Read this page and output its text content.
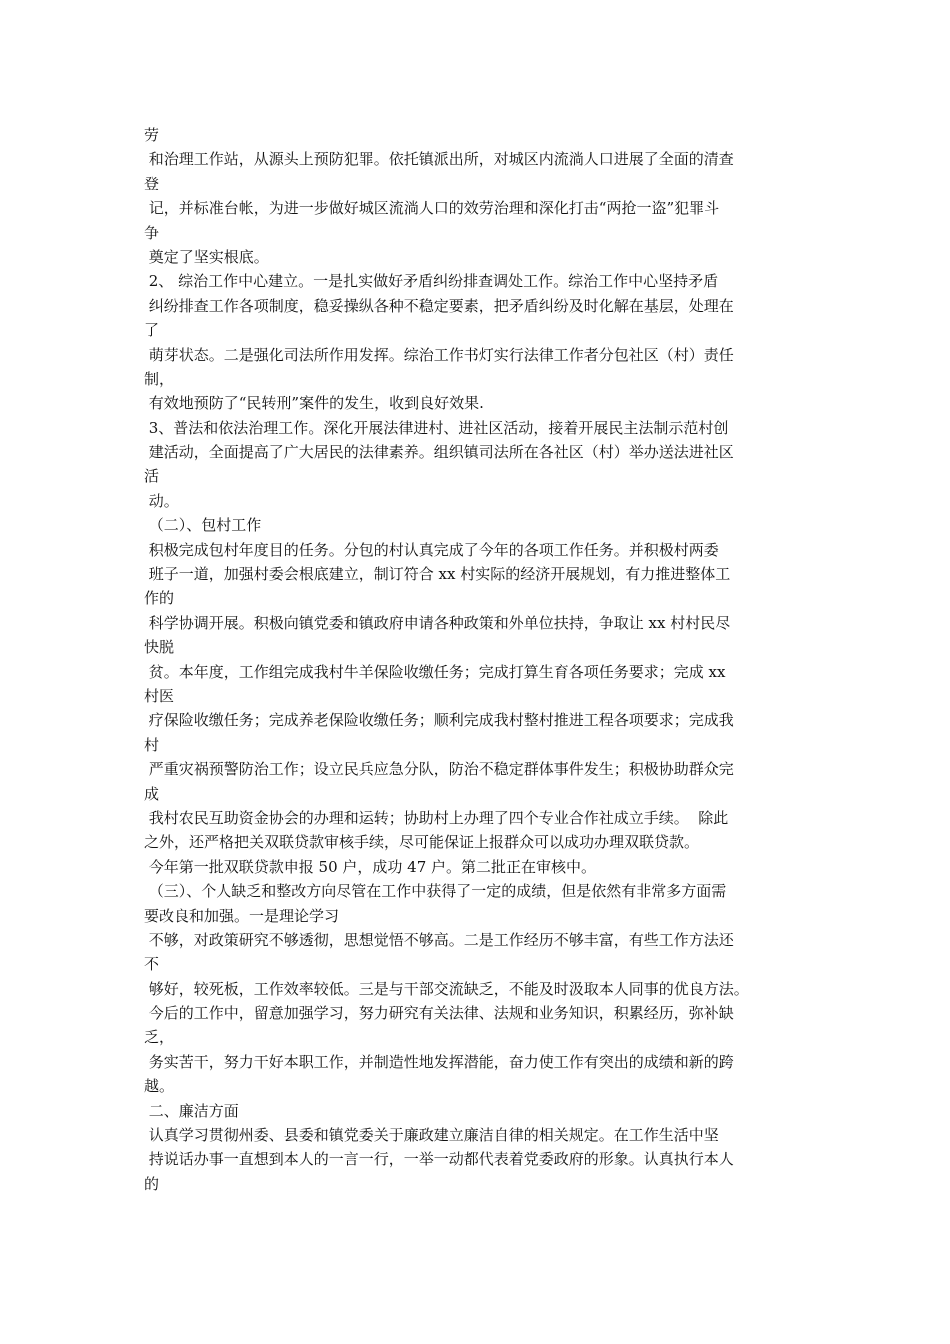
劳
和治理工作站，从源头上预防犯罪。依托镇派出所，对城区内流淌人口进展了全面的清查
登
记，并标准台帐，为进一步做好城区流淌人口的效劳治理和深化打击“两抢一盗”犯罪斗
争
奠定了坚实根底。
2、 综治工作中心建立。一是扎实做好矛盾纠纷排查调处工作。综治工作中心坚持矛盾
纠纷排查工作各项制度，稳妥操纵各种不稳定要素，把矛盾纠纷及时化解在基层，处理在
了
萌芽状态。二是强化司法所作用发挥。综治工作书灯实行法律工作者分包社区（村）责任
制，
有效地预防了“民转刑”案件的发生，收到良好效果.
3、普法和依法治理工作。深化开展法律进村、进社区活动，接着开展民主法制示范村创
建活动，全面提高了广大居民的法律素养。组织镇司法所在各社区（村）举办送法进社区
活
动。
（二）、包村工作
积极完成包村年度目的任务。分包的村认真完成了今年的各项工作任务。并积极村两委
班子一道，加强村委会根底建立，制订符合 xx 村实际的经济开展规划，有力推进整体工
作的
科学协调开展。积极向镇党委和镇政府申请各种政策和外单位扶持，争取让 xx 村村民尽
快脱
贫。本年度，工作组完成我村牛羊保险收缴任务；完成打算生育各项任务要求；完成 xx
村医
疗保险收缴任务；完成养老保险收缴任务；顺利完成我村整村推进工程各项要求；完成我
村
严重灾祸预警防治工作；设立民兵应急分队，防治不稳定群体事件发生；积极协助群众完
成
我村农民互助资金协会的办理和运转；协助村上办理了四个专业合作社成立手续。  除此
之外，还严格把关双联贷款审核手续，尽可能保证上报群众可以成功办理双联贷款。
今年第一批双联贷款申报 50 户，成功 47 户。第二批正在审核中。
（三）、个人缺乏和整改方向尽管在工作中获得了一定的成绩，但是依然有非常多方面需
要改良和加强。一是理论学习
不够，对政策研究不够透彻，思想觉悟不够高。二是工作经历不够丰富，有些工作方法还
不
够好，较死板，工作效率较低。三是与干部交流缺乏，不能及时汲取本人同事的优良方法。
今后的工作中，留意加强学习，努力研究有关法律、法规和业务知识，积累经历，弥补缺
乏，
务实苦干，努力干好本职工作，并制造性地发挥潜能，奋力使工作有突出的成绩和新的跨
越。
二、廉洁方面
认真学习贯彻州委、县委和镇党委关于廉政建立廉洁自律的相关规定。在工作生活中坚
持说话办事一直想到本人的一言一行，一举一动都代表着党委政府的形象。认真执行本人
的
